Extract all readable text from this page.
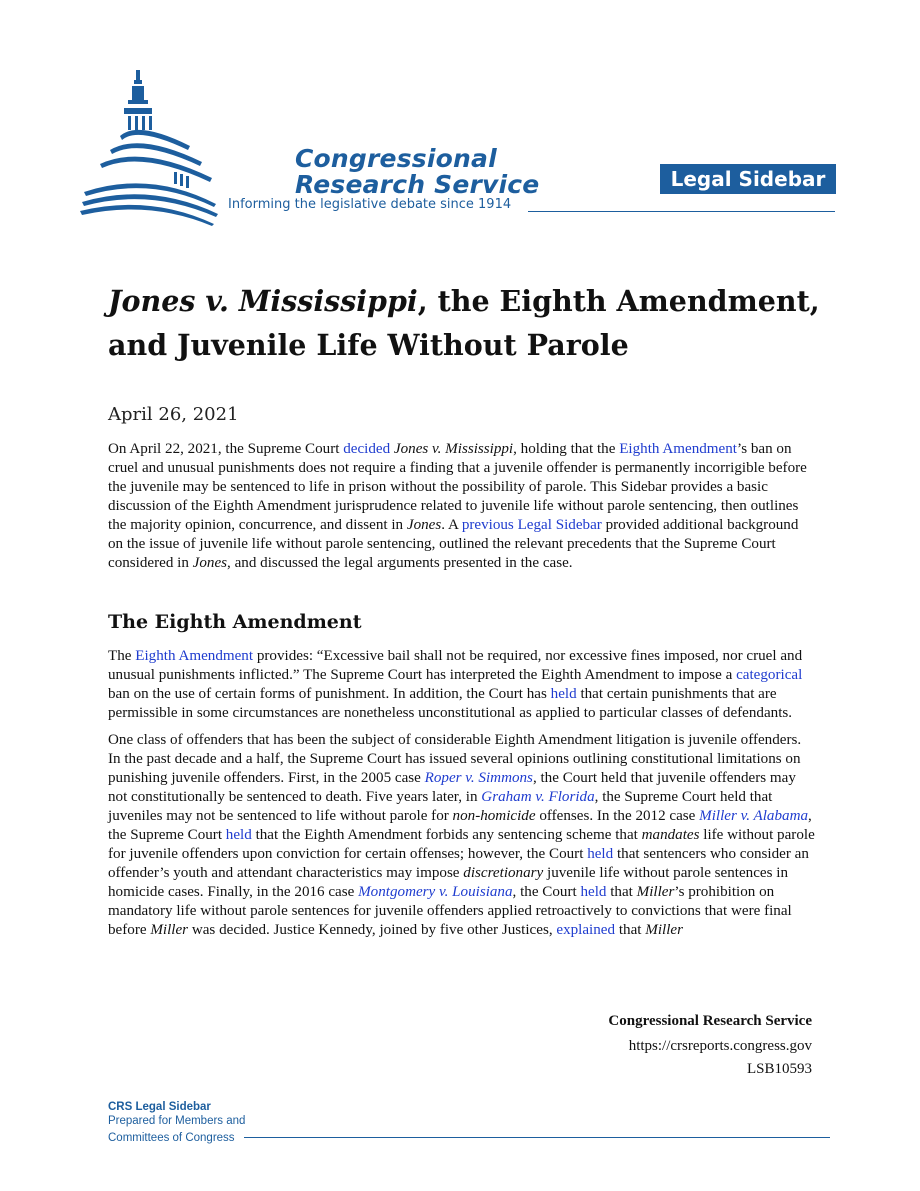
Congressional
Research Service
Informing the legislative debate since 1914
Legal Sidebar
Jones v. Mississippi, the Eighth Amendment,
and Juvenile Life Without Parole
April 26, 2021

On April 22, 2021, the Supreme Court decided Jones v. Mississippi, holding that the Eighth Amendment’s ban on cruel and unusual punishments does not require a finding that a juvenile offender is permanently incorrigible before the juvenile may be sentenced to life in prison without the possibility of parole. This Sidebar provides a basic discussion of the Eighth Amendment jurisprudence related to juvenile life without parole sentencing, then outlines the majority opinion, concurrence, and dissent in Jones. A previous Legal Sidebar provided additional background on the issue of juvenile life without parole sentencing, outlined the relevant precedents that the Supreme Court considered in Jones, and discussed the legal arguments presented in the case.

The Eighth Amendment

The Eighth Amendment provides: “Excessive bail shall not be required, nor excessive fines imposed, nor cruel and unusual punishments inflicted.” The Supreme Court has interpreted the Eighth Amendment to impose a categorical ban on the use of certain forms of punishment. In addition, the Court has held that certain punishments that are permissible in some circumstances are nonetheless unconstitutional as applied to particular classes of defendants.

One class of offenders that has been the subject of considerable Eighth Amendment litigation is juvenile offenders. In the past decade and a half, the Supreme Court has issued several opinions outlining constitutional limitations on punishing juvenile offenders. First, in the 2005 case Roper v. Simmons, the Court held that juvenile offenders may not constitutionally be sentenced to death. Five years later, in Graham v. Florida, the Supreme Court held that juveniles may not be sentenced to life without parole for non-homicide offenses. In the 2012 case Miller v. Alabama, the Supreme Court held that the Eighth Amendment forbids any sentencing scheme that mandates life without parole for juvenile offenders upon conviction for certain offenses; however, the Court held that sentencers who consider an offender’s youth and attendant characteristics may impose discretionary juvenile life without parole sentences in homicide cases. Finally, in the 2016 case Montgomery v. Louisiana, the Court held that Miller’s prohibition on mandatory life without parole sentences for juvenile offenders applied retroactively to convictions that were final before Miller was decided. Justice Kennedy, joined by five other Justices, explained that Miller

Congressional Research Service
https://crsreports.congress.gov
LSB10593
CRS Legal Sidebar
Prepared for Members and
Committees of Congress
